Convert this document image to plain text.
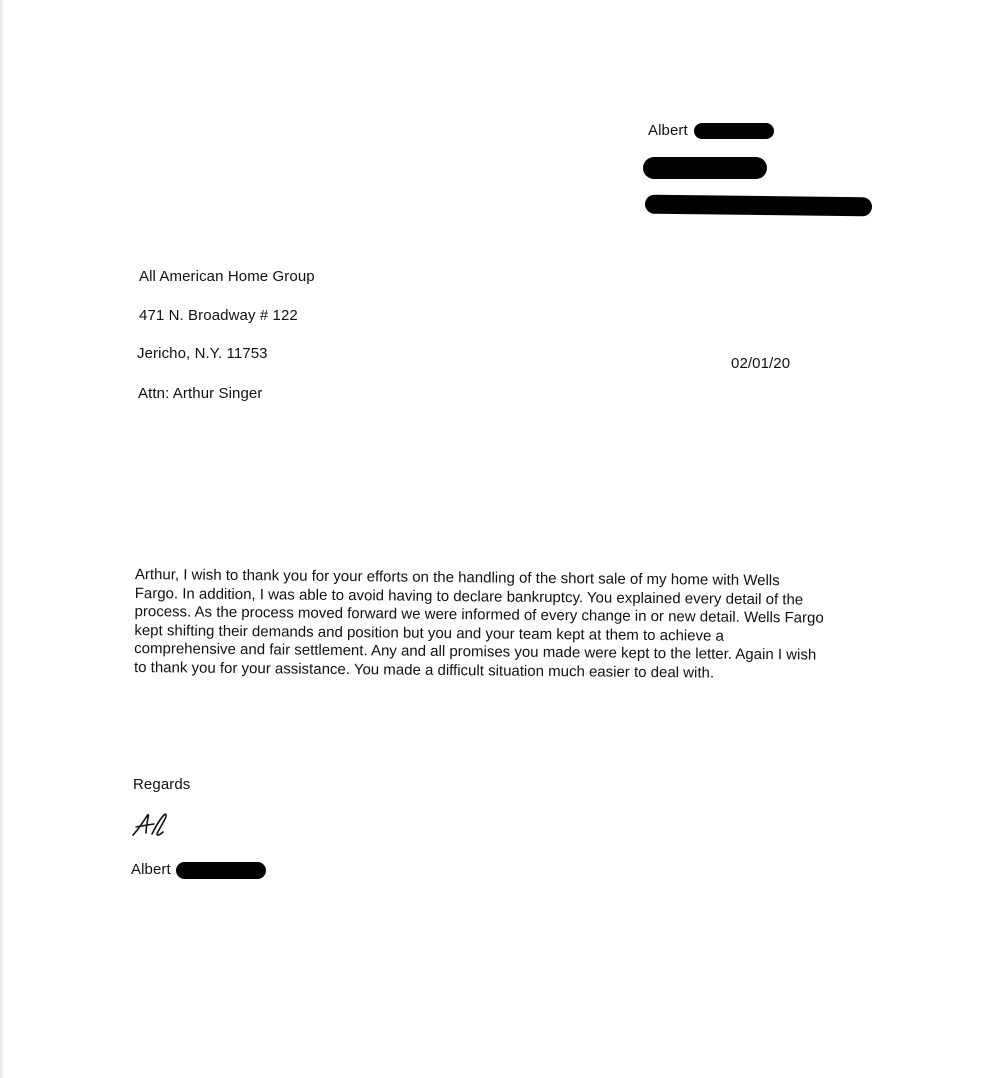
Albert
All American Home Group
471 N. Broadway # 122
Jericho, N.Y. 11753
Attn: Arthur Singer
02/01/20
Arthur, I wish to thank you for your efforts on the handling of the short sale of my home with Wells
Fargo. In addition, I was able to avoid having to declare bankruptcy. You explained every detail of the
process. As the process moved forward we were informed of every change in or new detail. Wells Fargo
kept shifting their demands and position but you and your team kept at them to achieve a
comprehensive and fair settlement. Any and all promises you made were kept to the letter. Again I wish
to thank you for your assistance. You made a difficult situation much easier to deal with.
Regards
Albert
